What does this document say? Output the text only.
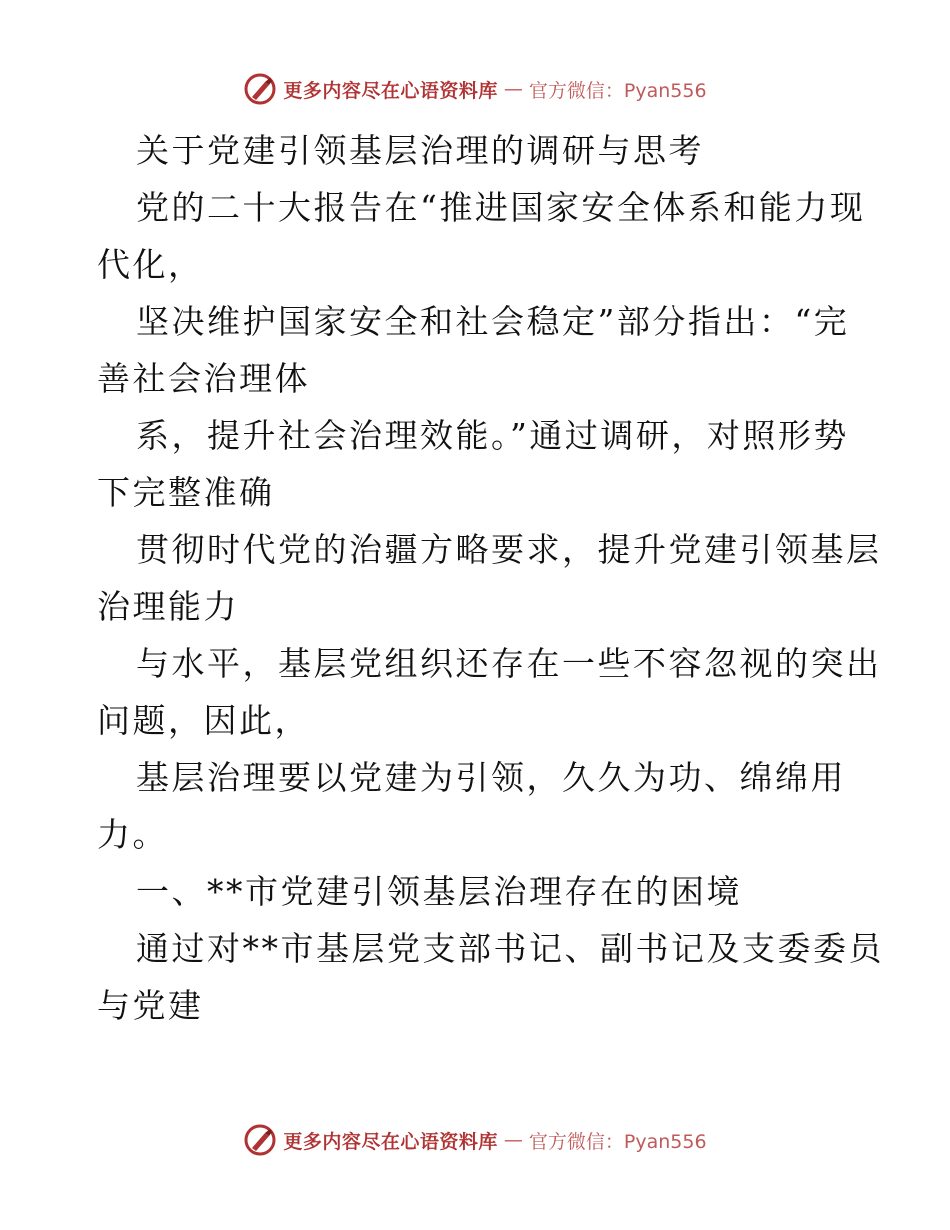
更多内容尽在心语资料库 — 官方微信：Pyan556
关于党建引领基层治理的调研与思考
党的二十大报告在“推进国家安全体系和能力现
代化，
坚决维护国家安全和社会稳定”部分指出：“完
善社会治理体
系，提升社会治理效能。”通过调研，对照形势
下完整准确
贯彻时代党的治疆方略要求，提升党建引领基层
治理能力
与水平，基层党组织还存在一些不容忽视的突出
问题，因此，
基层治理要以党建为引领，久久为功、绵绵用
力。
一、**市党建引领基层治理存在的困境
通过对**市基层党支部书记、副书记及支委委员
与党建
更多内容尽在心语资料库 — 官方微信：Pyan556
